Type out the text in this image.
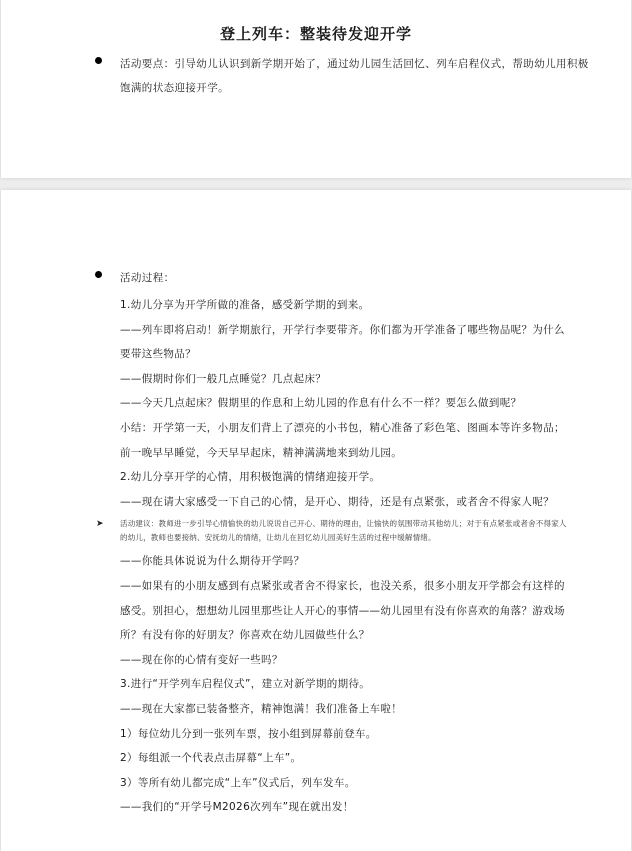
登上列车：整装待发迎开学
活动要点：引导幼儿认识到新学期开始了，通过幼儿园生活回忆、列车启程仪式，帮助幼儿用积极饱满的状态迎接开学。
活动过程：
1.幼儿分享为开学所做的准备，感受新学期的到来。
——列车即将启动！新学期旅行，开学行李要带齐。你们都为开学准备了哪些物品呢？为什么要带这些物品？
——假期时你们一般几点睡觉？几点起床？
——今天几点起床？假期里的作息和上幼儿园的作息有什么不一样？要怎么做到呢？
小结：开学第一天，小朋友们背上了漂亮的小书包，精心准备了彩色笔、图画本等许多物品；前一晚早早睡觉，今天早早起床，精神满满地来到幼儿园。
2.幼儿分享开学的心情，用积极饱满的情绪迎接开学。
——现在请大家感受一下自己的心情，是开心、期待，还是有点紧张，或者舍不得家人呢？
➤ 活动建议：教师进一步引导心情愉快的幼儿说说自己开心、期待的理由，让愉快的氛围带动其他幼儿；对于有点紧张或者舍不得家人的幼儿，教师也要接纳、安抚幼儿的情绪，让幼儿在回忆幼儿园美好生活的过程中缓解情绪。
——你能具体说说为什么期待开学吗？
——如果有的小朋友感到有点紧张或者舍不得家长，也没关系，很多小朋友开学都会有这样的感受。别担心，想想幼儿园里那些让人开心的事情——幼儿园里有没有你喜欢的角落？游戏场所？有没有你的好朋友？你喜欢在幼儿园做些什么？
——现在你的心情有变好一些吗？
3.进行“开学列车启程仪式”，建立对新学期的期待。
——现在大家都已装备整齐，精神饱满！我们准备上车啦！
1）每位幼儿分到一张列车票，按小组到屏幕前登车。
2）每组派一个代表点击屏幕“上车”。
3）等所有幼儿都完成“上车”仪式后，列车发车。
——我们的“开学号M2026次列车”现在就出发！
